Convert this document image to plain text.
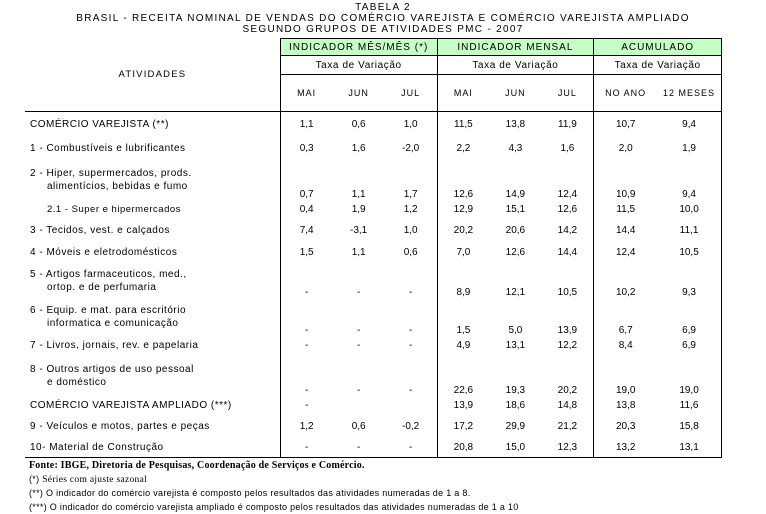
TABELA 2
BRASIL - RECEITA NOMINAL DE VENDAS DO COMÉRCIO VAREJISTA E COMÉRCIO VAREJISTA AMPLIADO
SEGUNDO GRUPOS DE ATIVIDADES PMC - 2007
ATIVIDADES	INDICADOR MÊS/MÊS (*)			INDICADOR MENSAL			ACUMULADO	
	Taxa de Variação			Taxa de Variação			Taxa de Variação	
	MAI	JUN	JUL	MAI	JUN	JUL	NO ANO	12 MESES
COMÉRCIO VAREJISTA (**)	1,1	0,6	1,0	11,5	13,8	11,9	10,7	9,4
1 - Combustíveis e lubrificantes	0,3	1,6	-2,0	2,2	4,3	1,6	2,0	1,9
2 - Hiper, supermercados, prods.

alimentícios, bebidas e fumo	0,7	1,1	1,7	12,6	14,9	12,4	10,9	9,4
2.1 - Super e hipermercados	0,4	1,9	1,2	12,9	15,1	12,6	11,5	10,0
3 - Tecidos, vest. e calçados	7,4	-3,1	1,0	20,2	20,6	14,2	14,4	11,1
4 - Móveis e eletrodomésticos	1,5	1,1	0,6	7,0	12,6	14,4	12,4	10,5
5 - Artigos farmaceuticos, med.,

ortop. e de perfumaria	-	-	-	8,9	12,1	10,5	10,2	9,3
6 - Equip. e mat. para escritório

informatica e comunicação	-	-	-	1,5	5,0	13,9	6,7	6,9
7 - Livros, jornais, rev. e papelaria	-	-	-	4,9	13,1	12,2	8,4	6,9
8 - Outros artigos de uso pessoal

e doméstico	-	-	-	22,6	19,3	20,2	19,0	19,0
COMÉRCIO VAREJISTA AMPLIADO (***)	-			13,9	18,6	14,8	13,8	11,6
9 - Veículos e motos, partes e peças	1,2	0,6	-0,2	17,2	29,9	21,2	20,3	15,8
10- Material de Construção	-	-	-	20,8	15,0	12,3	13,2	13,1
Fonte: IBGE, Diretoria de Pesquisas, Coordenação de Serviços e Comércio.
(*) Séries com ajuste sazonal
(**) O indicador do comércio varejista é composto pelos resultados das atividades numeradas de 1 a 8.
(***) O indicador do comércio varejista ampliado é composto pelos resultados das atividades numeradas de 1 a 10
